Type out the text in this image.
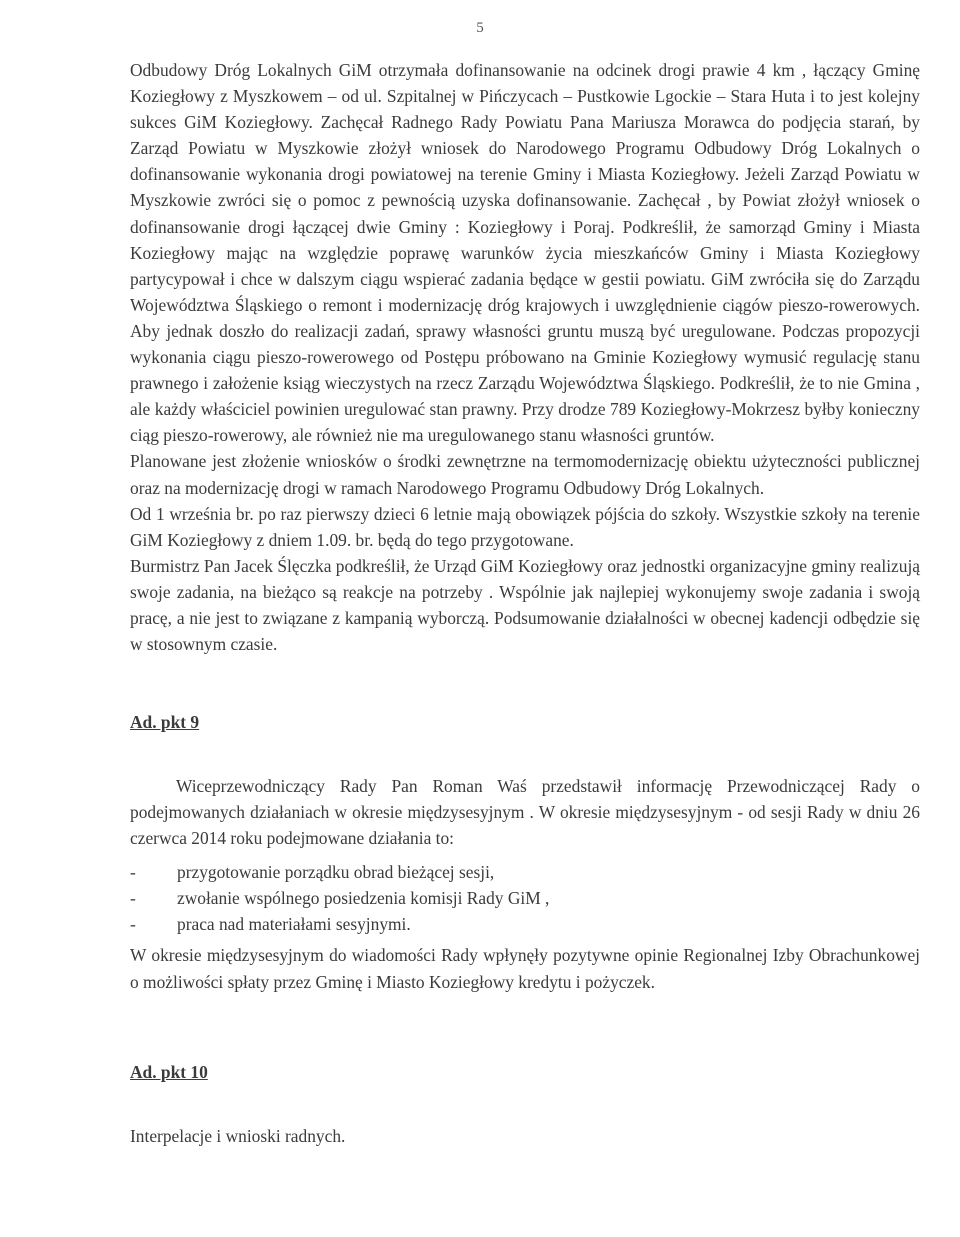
5

Odbudowy Dróg Lokalnych GiM otrzymała dofinansowanie na odcinek drogi prawie 4 km , łączący Gminę Koziegłowy z Myszkowem – od ul. Szpitalnej w Pińczycach – Pustkowie Lgockie – Stara Huta i to jest kolejny sukces GiM Koziegłowy. Zachęcał Radnego Rady Powiatu Pana Mariusza Morawca do podjęcia starań, by Zarząd Powiatu w Myszkowie złożył wniosek do Narodowego Programu Odbudowy Dróg Lokalnych o dofinansowanie wykonania drogi powiatowej na terenie Gminy i Miasta Koziegłowy. Jeżeli Zarząd Powiatu w Myszkowie zwróci się o pomoc z pewnością uzyska dofinansowanie. Zachęcał , by Powiat złożył wniosek o dofinansowanie drogi łączącej dwie Gminy : Koziegłowy i Poraj. Podkreślił, że samorząd Gminy i Miasta Koziegłowy mając na względzie poprawę warunków życia mieszkańców Gminy i Miasta Koziegłowy partycypował i chce w dalszym ciągu wspierać zadania będące w gestii powiatu. GiM zwróciła się do Zarządu Województwa Śląskiego o remont i modernizację dróg krajowych i uwzględnienie ciągów pieszo-rowerowych. Aby jednak doszło do realizacji zadań, sprawy własności gruntu muszą być uregulowane. Podczas propozycji wykonania ciągu pieszo-rowerowego od Postępu próbowano na Gminie Koziegłowy wymusić regulację stanu prawnego i założenie ksiąg wieczystych na rzecz Zarządu Województwa Śląskiego. Podkreślił, że to nie Gmina , ale każdy właściciel powinien uregulować stan prawny. Przy drodze 789 Koziegłowy-Mokrzesz byłby konieczny ciąg pieszo-rowerowy, ale również nie ma uregulowanego stanu własności gruntów.

Planowane jest złożenie wniosków o środki zewnętrzne na termomodernizację obiektu użyteczności publicznej oraz na modernizację drogi w ramach Narodowego Programu Odbudowy Dróg Lokalnych.

Od 1 września br. po raz pierwszy dzieci 6 letnie mają obowiązek pójścia do szkoły. Wszystkie szkoły na terenie GiM Koziegłowy z dniem 1.09. br. będą do tego przygotowane.

Burmistrz Pan Jacek Ślęczka podkreślił, że Urząd GiM Koziegłowy oraz jednostki organizacyjne gminy realizują swoje zadania, na bieżąco są reakcje na potrzeby . Wspólnie jak najlepiej wykonujemy swoje zadania i swoją pracę, a nie jest to związane z kampanią wyborczą. Podsumowanie działalności w obecnej kadencji odbędzie się w stosownym czasie.

Ad. pkt 9

Wiceprzewodniczący Rady Pan Roman Waś przedstawił informację Przewodniczącej Rady o podejmowanych działaniach w okresie międzysesyjnym . W okresie międzysesyjnym - od sesji Rady w dniu 26 czerwca 2014 roku podejmowane działania to:

- przygotowanie porządku obrad bieżącej sesji,
- zwołanie wspólnego posiedzenia komisji Rady GiM ,
- praca nad materiałami sesyjnymi.

W okresie międzysesyjnym do wiadomości Rady wpłynęły pozytywne opinie Regionalnej Izby Obrachunkowej o możliwości spłaty przez Gminę i Miasto Koziegłowy kredytu i pożyczek.

Ad. pkt 10

Interpelacje i wnioski radnych.
